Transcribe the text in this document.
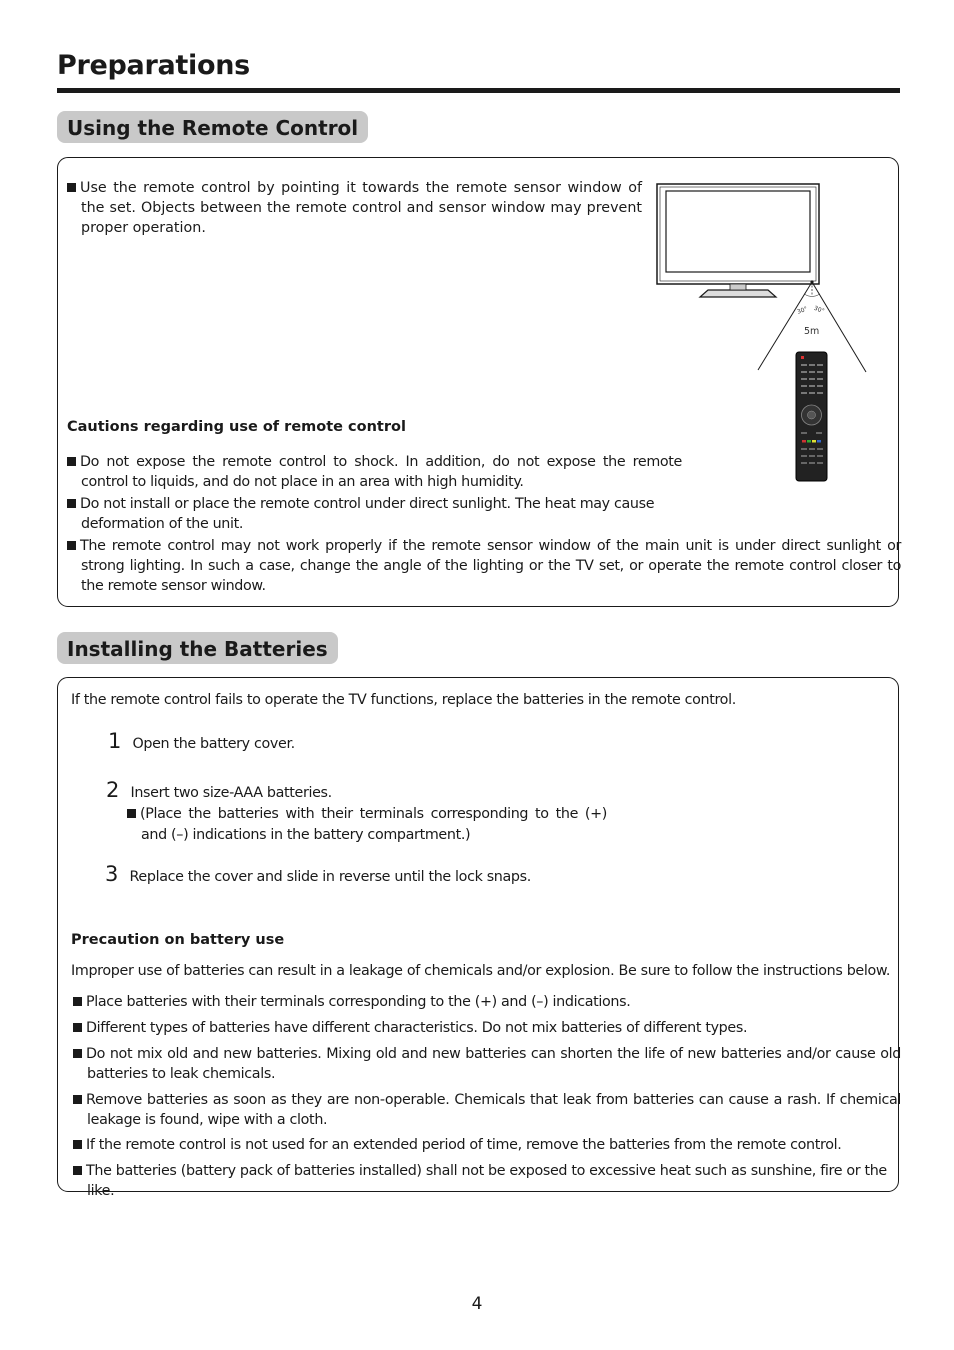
Preparations
Using the Remote Control
Use the remote control by pointing it towards the remote sensor window of the set. Objects between the remote control and sensor window may prevent proper operation.
30° 30°
5m
Cautions regarding use of remote control
Do not expose the remote control to shock. In addition, do not expose the remote control to liquids, and do not place in an area with high humidity.
Do not install or place the remote control under direct sunlight. The heat may cause deformation of the unit.
The remote control may not work properly if the remote sensor window of the main unit is under direct sunlight or strong lighting. In such a case, change the angle of the lighting or the TV set, or operate the remote control closer to the remote sensor window.
Installing the Batteries
If the remote control fails to operate the TV functions, replace the batteries in the remote control.
1 Open the battery cover.
2 Insert two size-AAA batteries.
(Place the batteries with their terminals corresponding to the (+) and (–) indications in the battery compartment.)
3 Replace the cover and slide in reverse until the lock snaps.
Precaution on battery use
Improper use of batteries can result in a leakage of chemicals and/or explosion. Be sure to follow the instructions below.
Place batteries with their terminals corresponding to the (+) and (–) indications.
Different types of batteries have different characteristics. Do not mix batteries of different types.
Do not mix old and new batteries. Mixing old and new batteries can shorten the life of new batteries and/or cause old batteries to leak chemicals.
Remove batteries as soon as they are non-operable. Chemicals that leak from batteries can cause a rash. If chemical leakage is found, wipe with a cloth.
If the remote control is not used for an extended period of time, remove the batteries from the remote control.
The batteries (battery pack of batteries installed) shall not be exposed to excessive heat such as sunshine, fire or the like.
4
